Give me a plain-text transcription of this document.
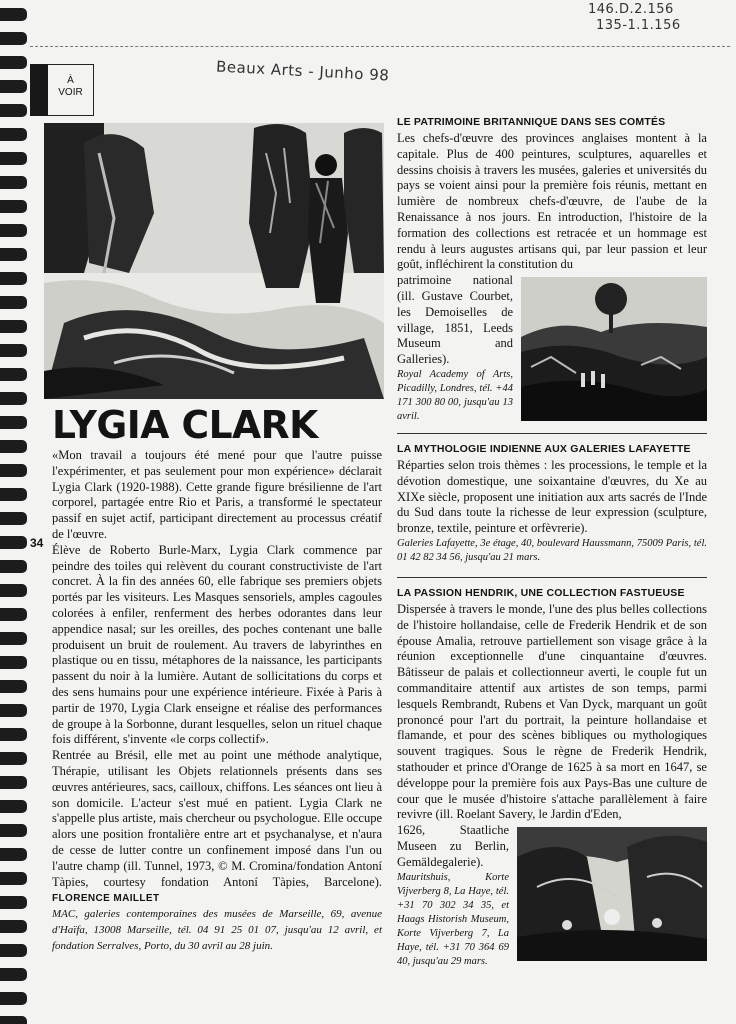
146.D.2.156
135-1.1.156
Beaux Arts - Junho 98
À
VOIR
LYGIA CLARK
34

«Mon travail a toujours été mené pour que l'autre puisse l'expérimenter, et pas seulement pour mon expérience» déclarait Lygia Clark (1920-1988). Cette grande figure brésilienne de l'art corporel, partagée entre Rio et Paris, a transformé le spectateur passif en sujet actif, participant directement au processus créatif de l'œuvre.

Élève de Roberto Burle-Marx, Lygia Clark commence par peindre des toiles qui relèvent du courant constructiviste de l'art concret. À la fin des années 60, elle fabrique ses premiers objets portés par les visiteurs. Les Masques sensoriels, amples cagoules colorées à enfiler, renferment des herbes odorantes dans leur appendice nasal; sur les oreilles, des poches contenant une balle produisent un bruit de roulement. Au travers de labyrinthes en plastique ou en tissu, métaphores de la naissance, les participants passent du noir à la lumière. Autant de sollicitations du corps et des sens humains pour une expérience intérieure. Fixée à Paris à partir de 1970, Lygia Clark enseigne et réalise des performances de groupe à la Sorbonne, durant lesquelles, selon un rituel chaque fois différent, s'invente «le corps collectif».

Rentrée au Brésil, elle met au point une méthode analytique, Thérapie, utilisant les Objets relationnels présents dans ses œuvres antérieures, sacs, cailloux, chiffons. Les séances ont lieu à son domicile. L'acteur s'est mué en patient. Lygia Clark ne s'appelle plus artiste, mais chercheur ou psychologue. Elle occupe alors une position frontalière entre art et psychanalyse, et n'aura de cesse de lutter contre un confinement imposé dans l'un ou l'autre champ (ill. Tunnel, 1973, © M. Cromina/fondation Antoní Tàpies, courtesy fondation Antoní Tàpies, Barcelone). FLORENCE MAILLET

MAC, galeries contemporaines des musées de Marseille, 69, avenue d'Haïfa, 13008 Marseille, tél. 04 91 25 01 07, jusqu'au 12 avril, et fondation Serralves, Porto, du 30 avril au 28 juin.

LE PATRIMOINE BRITANNIQUE DANS SES COMTÉS

Les chefs-d'œuvre des provinces anglaises montent à la capitale. Plus de 400 peintures, sculptures, aquarelles et dessins choisis à travers les musées, galeries et universités du pays se voient ainsi pour la première fois réunis, mettant en lumière de nombreux chefs-d'œuvre, de l'aube de la Renaissance à nos jours. En introduction, l'histoire de la formation des collections est retracée et un hommage est rendu à leurs augustes artisans qui, par leur passion et leur goût, infléchirent la constitution du

patrimoine national (ill. Gustave Courbet, les Demoiselles de village, 1851, Leeds Museum and Galleries).

Royal Academy of Arts, Picadilly, Londres, tél. +44 171 300 80 00, jusqu'au 13 avril.

LA MYTHOLOGIE INDIENNE AUX GALERIES LAFAYETTE

Réparties selon trois thèmes : les processions, le temple et la dévotion domestique, une soixantaine d'œuvres, du Xe au XIXe siècle, proposent une initiation aux arts sacrés de l'Inde du Sud dans toute la richesse de leur expression (sculpture, bronze, textile, peinture et orfèvrerie).

Galeries Lafayette, 3e étage, 40, boulevard Haussmann, 75009 Paris, tél. 01 42 82 34 56, jusqu'au 21 mars.

LA PASSION HENDRIK, UNE COLLECTION FASTUEUSE

Dispersée à travers le monde, l'une des plus belles collections de l'histoire hollandaise, celle de Frederik Hendrik et de son épouse Amalia, retrouve partiellement son visage grâce à la réunion exceptionnelle d'une cinquantaine d'œuvres. Bâtisseur de palais et collectionneur averti, le couple fut un commanditaire attentif aux artistes de son temps, parmi lesquels Rembrandt, Rubens et Van Dyck, marquant un goût prononcé pour l'art du portrait, la peinture hollandaise et flamande, et pour des scènes bibliques ou mythologiques souvent tragiques. Sous le règne de Frederik Hendrik, stathouder et prince d'Orange de 1625 à sa mort en 1647, se développe pour la première fois aux Pays-Bas une culture de cour que le musée d'histoire s'attache parallèlement à faire revivre (ill. Roelant Savery, le Jardin d'Eden,

1626, Staatliche Museen zu Berlin, Gemäldegalerie).

Mauritshuis, Korte Vijverberg 8, La Haye, tél. +31 70 302 34 35, et Haags Historish Museum, Korte Vijverberg 7, La Haye, tél. +31 70 364 69 40, jusqu'au 29 mars.
